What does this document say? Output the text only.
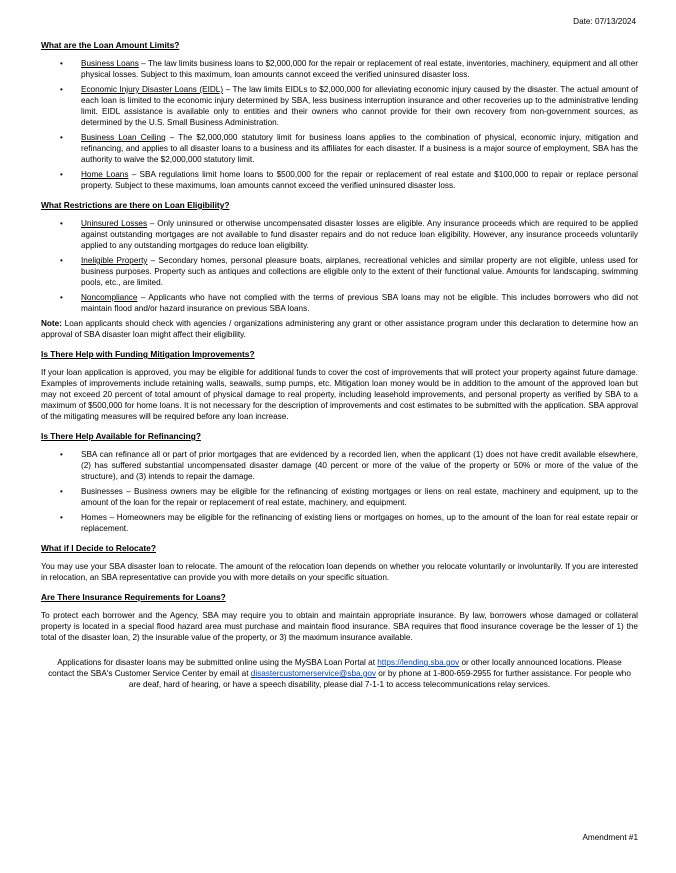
Date: 07/13/2024
What are the Loan Amount Limits?
• Business Loans – The law limits business loans to $2,000,000 for the repair or replacement of real estate, inventories, machinery, equipment and all other physical losses. Subject to this maximum, loan amounts cannot exceed the verified uninsured disaster loss.
• Economic Injury Disaster Loans (EIDL) – The law limits EIDLs to $2,000,000 for alleviating economic injury caused by the disaster. The actual amount of each loan is limited to the economic injury determined by SBA, less business interruption insurance and other recoveries up to the administrative lending limit. EIDL assistance is available only to entities and their owners who cannot provide for their own recovery from non-government sources, as determined by the U.S. Small Business Administration.
• Business Loan Ceiling – The $2,000,000 statutory limit for business loans applies to the combination of physical, economic injury, mitigation and refinancing, and applies to all disaster loans to a business and its affiliates for each disaster. If a business is a major source of employment, SBA has the authority to waive the $2,000,000 statutory limit.
• Home Loans – SBA regulations limit home loans to $500,000 for the repair or replacement of real estate and $100,000 to repair or replace personal property. Subject to these maximums, loan amounts cannot exceed the verified uninsured disaster loss.
What Restrictions are there on Loan Eligibility?
• Uninsured Losses – Only uninsured or otherwise uncompensated disaster losses are eligible. Any insurance proceeds which are required to be applied against outstanding mortgages are not available to fund disaster repairs and do not reduce loan eligibility. However, any insurance proceeds voluntarily applied to any outstanding mortgages do reduce loan eligibility.
• Ineligible Property – Secondary homes, personal pleasure boats, airplanes, recreational vehicles and similar property are not eligible, unless used for business purposes. Property such as antiques and collections are eligible only to the extent of their functional value. Amounts for landscaping, swimming pools, etc., are limited.
• Noncompliance – Applicants who have not complied with the terms of previous SBA loans may not be eligible. This includes borrowers who did not maintain flood and/or hazard insurance on previous SBA loans.

Note: Loan applicants should check with agencies / organizations administering any grant or other assistance program under this declaration to determine how an approval of SBA disaster loan might affect their eligibility.

Is There Help with Funding Mitigation Improvements?

If your loan application is approved, you may be eligible for additional funds to cover the cost of improvements that will protect your property against future damage. Examples of improvements include retaining walls, seawalls, sump pumps, etc. Mitigation loan money would be in addition to the amount of the approved loan but may not exceed 20 percent of total amount of physical damage to real property, including leasehold improvements, and personal property as verified by SBA to a maximum of $500,000 for home loans. It is not necessary for the description of improvements and cost estimates to be submitted with the application. SBA approval of the mitigating measures will be required before any loan increase.

Is There Help Available for Refinancing?
• SBA can refinance all or part of prior mortgages that are evidenced by a recorded lien, when the applicant (1) does not have credit available elsewhere, (2) has suffered substantial uncompensated disaster damage (40 percent or more of the value of the property or 50% or more of the value of the structure), and (3) intends to repair the damage.
• Businesses – Business owners may be eligible for the refinancing of existing mortgages or liens on real estate, machinery and equipment, up to the amount of the loan for the repair or replacement of real estate, machinery, and equipment.
• Homes – Homeowners may be eligible for the refinancing of existing liens or mortgages on homes, up to the amount of the loan for real estate repair or replacement.
What if I Decide to Relocate?

You may use your SBA disaster loan to relocate. The amount of the relocation loan depends on whether you relocate voluntarily or involuntarily. If you are interested in relocation, an SBA representative can provide you with more details on your specific situation.

Are There Insurance Requirements for Loans?

To protect each borrower and the Agency, SBA may require you to obtain and maintain appropriate insurance. By law, borrowers whose damaged or collateral property is located in a special flood hazard area must purchase and maintain flood insurance. SBA requires that flood insurance coverage be the lesser of 1) the total of the disaster loan, 2) the insurable value of the property, or 3) the maximum insurance available.

Applications for disaster loans may be submitted online using the MySBA Loan Portal at https://lending.sba.gov or other locally announced locations. Please contact the SBA's Customer Service Center by email at disastercustomerservice@sba.gov or by phone at 1-800-659-2955 for further assistance. For people who are deaf, hard of hearing, or have a speech disability, please dial 7-1-1 to access telecommunications relay services.
Amendment #1
